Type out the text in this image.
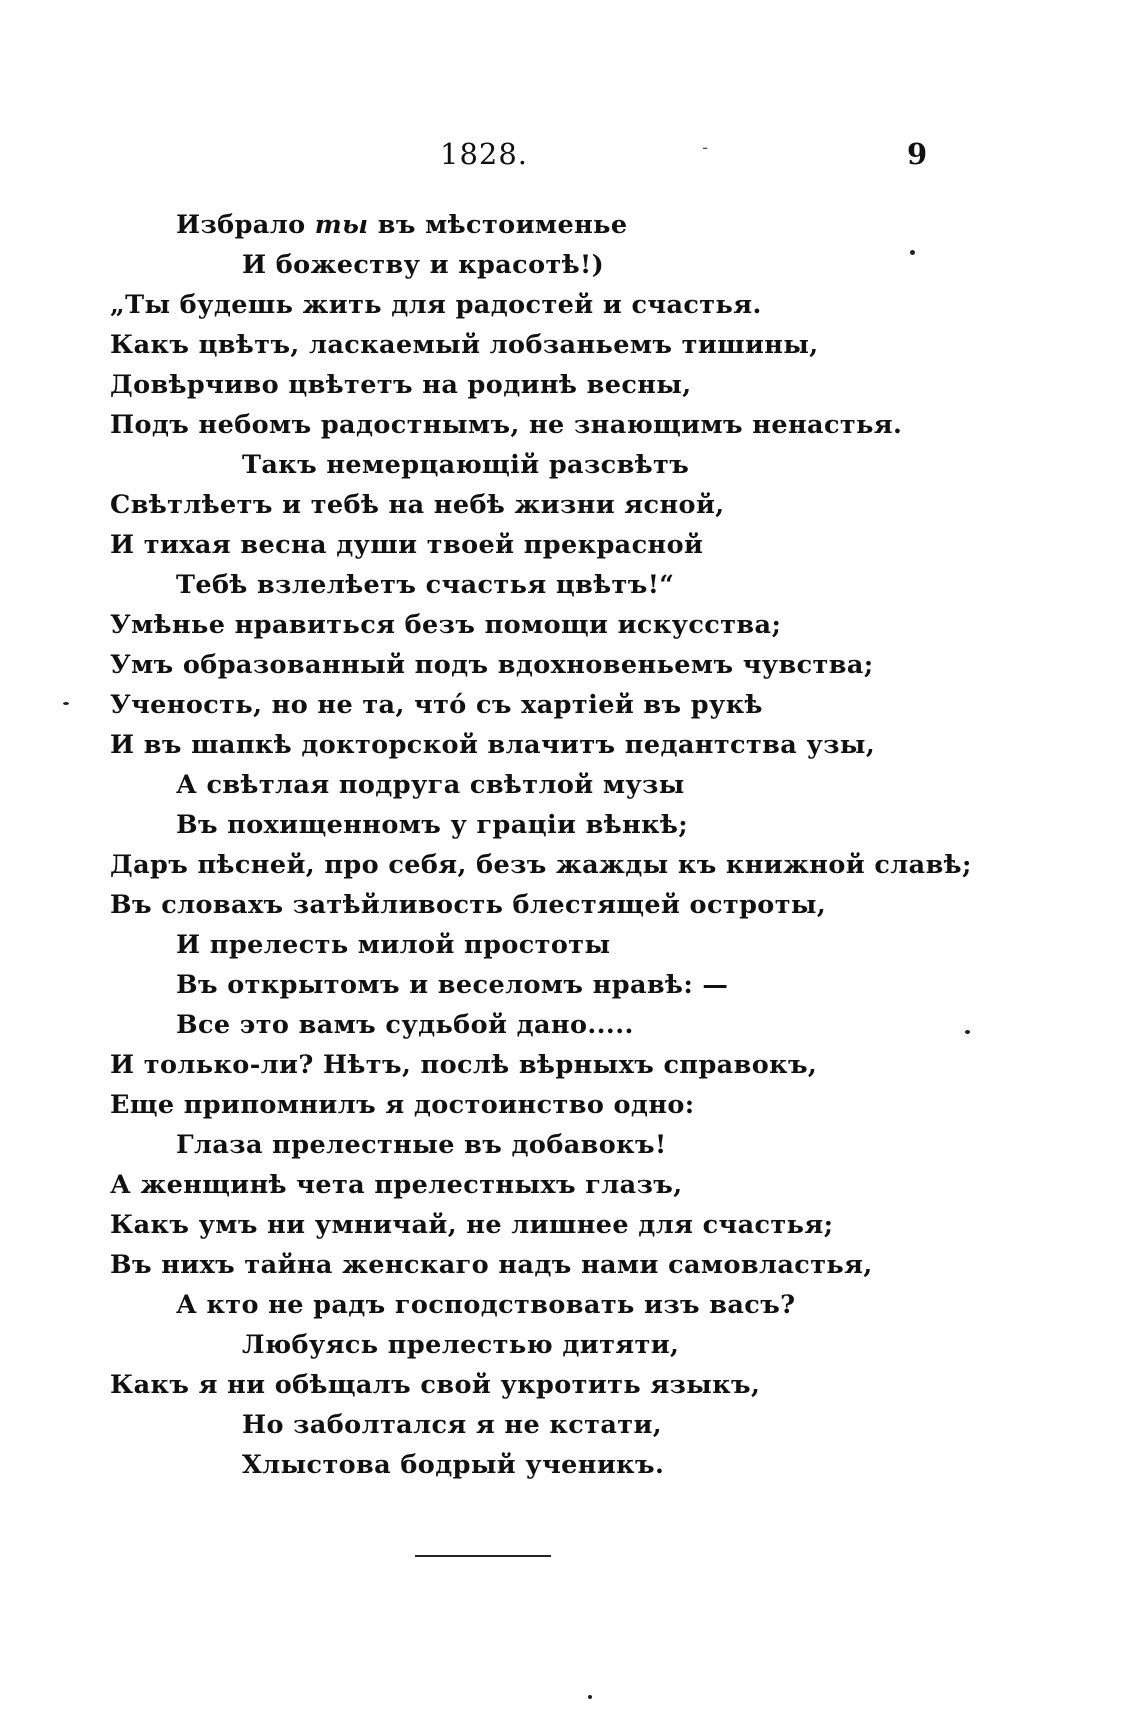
1828.	-	9
Избрало ты въ мѣстоименье
И божеству и красотѣ!)
„Ты будешь жить для радостей и счастья.
Какъ цвѣтъ, ласкаемый лобзаньемъ тишины,
Довѣрчиво цвѣтетъ на родинѣ весны,
Подъ небомъ радостнымъ, не знающимъ ненастья.
Такъ немерцающій разсвѣтъ
Свѣтлѣетъ и тебѣ на небѣ жизни ясной,
И тихая весна души твоей прекрасной
Тебѣ взлелѣетъ счастья цвѣтъ!“
Умѣнье нравиться безъ помощи искусства;
Умъ образованный подъ вдохновеньемъ чувства;
Ученость, но не та, что́ съ хартіей въ рукѣ
И въ шапкѣ докторской влачитъ педантства узы,
А свѣтлая подруга свѣтлой музы
Въ похищенномъ у граціи вѣнкѣ;
Даръ пѣсней, про себя, безъ жажды къ книжной славѣ;
Въ словахъ затѣйливость блестящей остроты,
И прелесть милой простоты
Въ открытомъ и веселомъ нравѣ: —
Все это вамъ судьбой дано.....
И только-ли? Нѣтъ, послѣ вѣрныхъ справокъ,
Еще припомнилъ я достоинство одно:
Глаза прелестные въ добавокъ!
А женщинѣ чета прелестныхъ глазъ,
Какъ умъ ни умничай, не лишнее для счастья;
Въ нихъ тайна женскаго надъ нами самовластья,
А кто не радъ господствовать изъ васъ?
Любуясь прелестью дитяти,
Какъ я ни обѣщалъ свой укротить языкъ,
Но заболтался я не кстати,
Хлыстова бодрый ученикъ.
